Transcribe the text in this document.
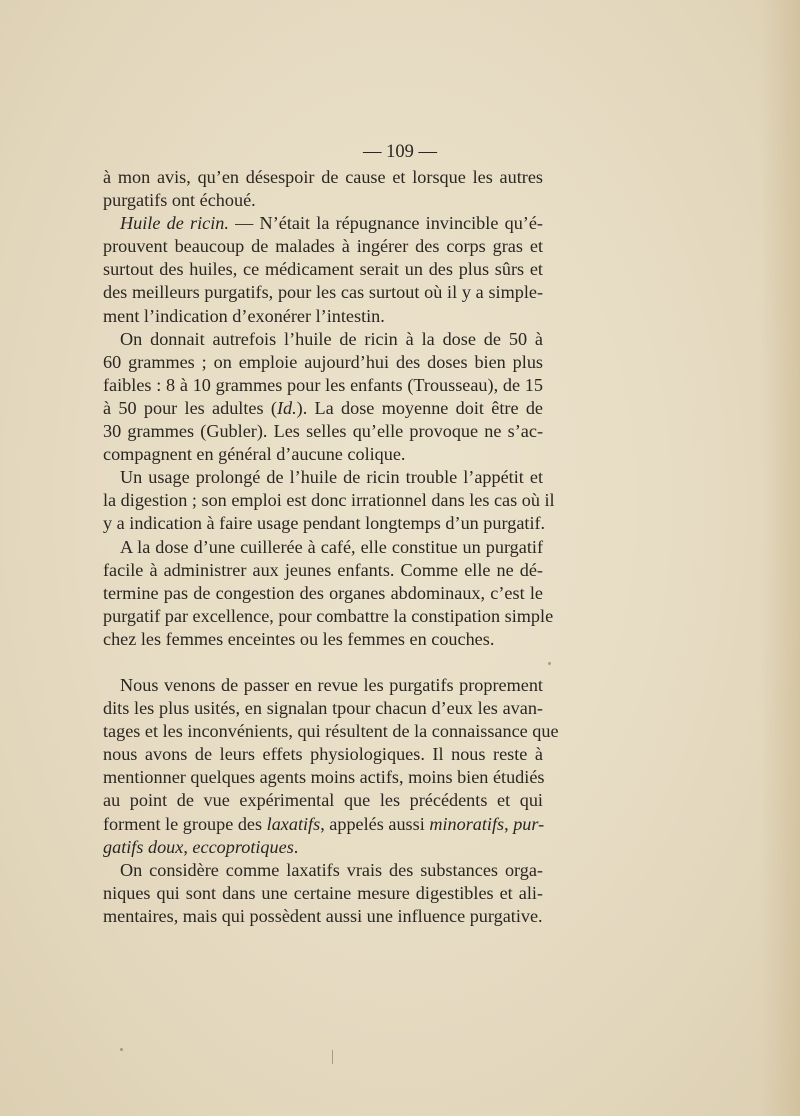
— 109 —
à mon avis, qu’en désespoir de cause et lorsque les autres
purgatifs ont échoué.
Huile de ricin. — N’était la répugnance invincible qu’é-
prouvent beaucoup de malades à ingérer des corps gras et
surtout des huiles, ce médicament serait un des plus sûrs et
des meilleurs purgatifs, pour les cas surtout où il y a simple-
ment l’indication d’exonérer l’intestin.
On donnait autrefois l’huile de ricin à la dose de 50 à
60 grammes ; on emploie aujourd’hui des doses bien plus
faibles : 8 à 10 grammes pour les enfants (Trousseau), de 15
à 50 pour les adultes (Id.). La dose moyenne doit être de
30 grammes (Gubler). Les selles qu’elle provoque ne s’ac-
compagnent en général d’aucune colique.
Un usage prolongé de l’huile de ricin trouble l’appétit et
la digestion ; son emploi est donc irrationnel dans les cas où il
y a indication à faire usage pendant longtemps d’un purgatif.
A la dose d’une cuillerée à café, elle constitue un purgatif
facile à administrer aux jeunes enfants. Comme elle ne dé-
termine pas de congestion des organes abdominaux, c’est le
purgatif par excellence, pour combattre la constipation simple
chez les femmes enceintes ou les femmes en couches.
Nous venons de passer en revue les purgatifs proprement
dits les plus usités, en signalan tpour chacun d’eux les avan-
tages et les inconvénients, qui résultent de la connaissance que
nous avons de leurs effets physiologiques. Il nous reste à
mentionner quelques agents moins actifs, moins bien étudiés
au point de vue expérimental que les précédents et qui
forment le groupe des laxatifs, appelés aussi minoratifs, pur-
gatifs doux, eccoprotiques.
On considère comme laxatifs vrais des substances orga-
niques qui sont dans une certaine mesure digestibles et ali-
mentaires, mais qui possèdent aussi une influence purgative.
